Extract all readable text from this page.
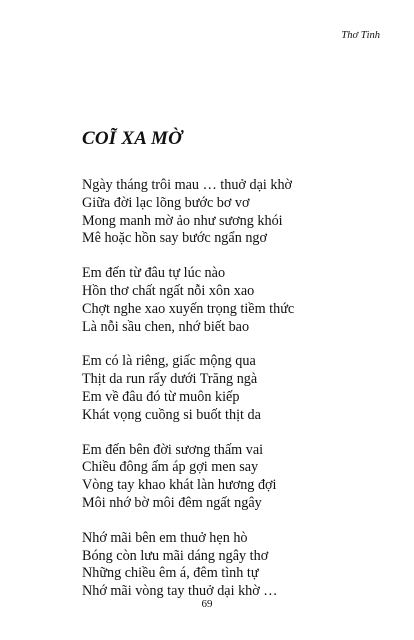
Thơ Tình
COĨ XA MỜ
Ngày tháng trôi mau … thuở dại khờ
Giữa đời lạc lõng bước bơ vơ
Mong manh mờ ảo như sương khói
Mê hoặc hồn say bước ngẩn ngơ
Em đến từ đâu tự lúc nào
Hồn thơ chất ngất nỗi xôn xao
Chợt nghe xao xuyến trọng tiềm thức
Là nỗi sầu chen, nhớ biết bao
Em có là riêng, giấc mộng qua
Thịt da run rẩy dưới Trăng ngà
Em về đâu đó từ muôn kiếp
Khát vọng cuồng si buốt thịt da
Em đến bên đời sương thấm vai
Chiều đông ấm áp gợi men say
Vòng tay khao khát làn hương đợi
Môi nhớ bờ môi đêm ngất ngây
Nhớ mãi bên em thuở hẹn hò
Bóng còn lưu mãi dáng ngây thơ
Những chiều êm á, đêm tình tự
Nhớ mãi vòng tay thuở dại khờ …
69
